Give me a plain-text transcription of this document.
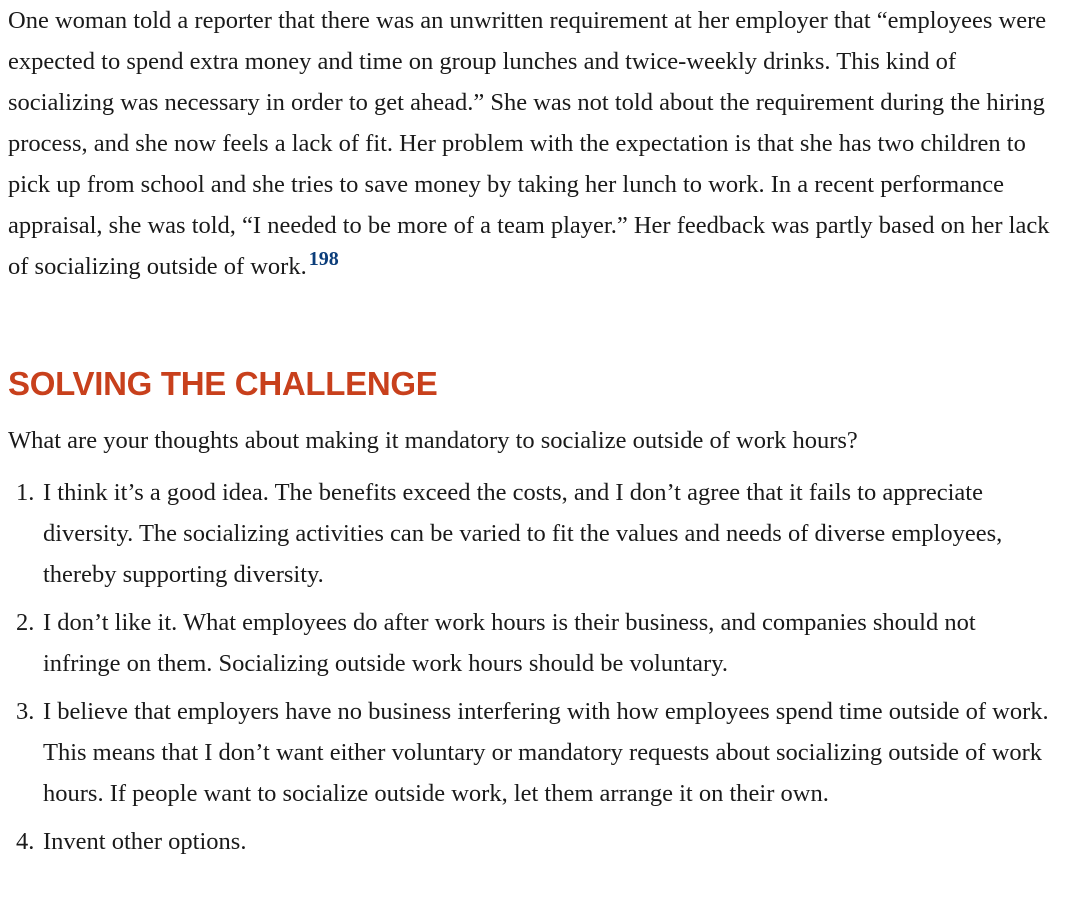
One woman told a reporter that there was an unwritten requirement at her employer that “employees were expected to spend extra money and time on group lunches and twice-weekly drinks. This kind of socializing was necessary in order to get ahead.” She was not told about the requirement during the hiring process, and she now feels a lack of fit. Her problem with the expectation is that she has two children to pick up from school and she tries to save money by taking her lunch to work. In a recent performance appraisal, she was told, “I needed to be more of a team player.” Her feedback was partly based on her lack of socializing outside of work. $^{198}$

SOLVING THE CHALLENGE

What are your thoughts about making it mandatory to socialize outside of work hours?

1. I think it’s a good idea. The benefits exceed the costs, and I don’t agree that it fails to appreciate diversity. The socializing activities can be varied to fit the values and needs of diverse employees, thereby supporting diversity.
2. I don’t like it. What employees do after work hours is their business, and companies should not infringe on them. Socializing outside work hours should be voluntary.
3. I believe that employers have no business interfering with how employees spend time outside of work. This means that I don’t want either voluntary or mandatory requests about socializing outside of work hours. If people want to socialize outside work, let them arrange it on their own.
4. Invent other options.
